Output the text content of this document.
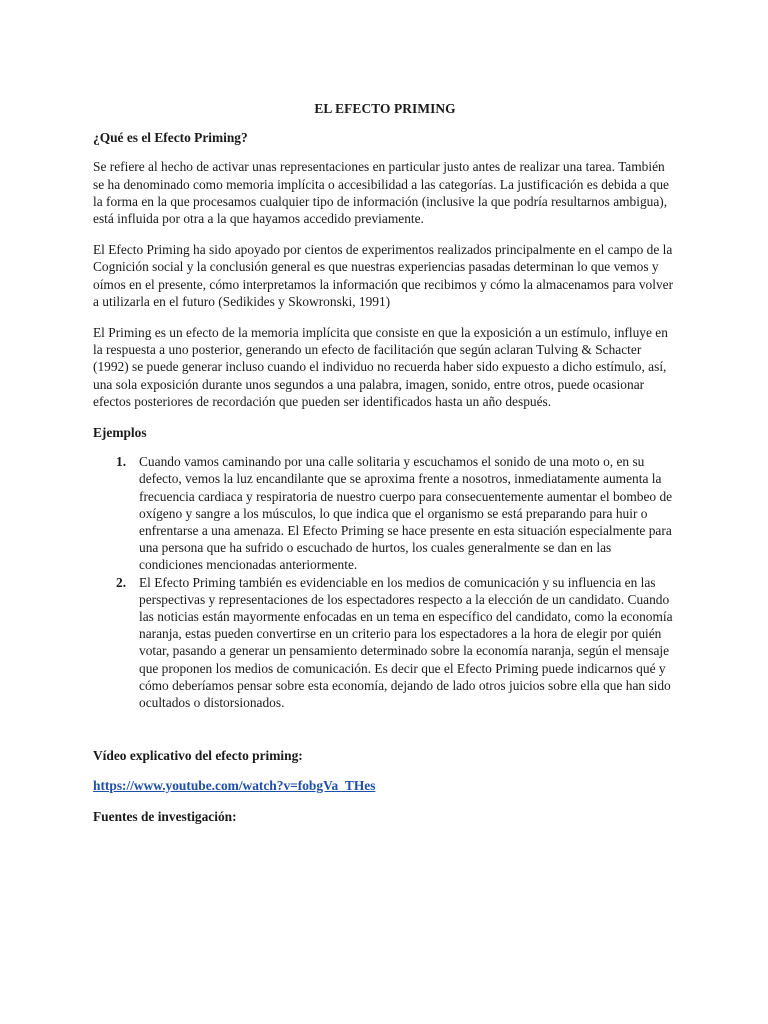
EL EFECTO PRIMING
¿Qué es el Efecto Priming?

Se refiere al hecho de activar unas representaciones en particular justo antes de realizar una tarea. También se ha denominado como memoria implícita o accesibilidad a las categorías. La justificación es debida a que la forma en la que procesamos cualquier tipo de información (inclusive la que podría resultarnos ambigua), está influida por otra a la que hayamos accedido previamente.

El Efecto Priming ha sido apoyado por cientos de experimentos realizados principalmente en el campo de la Cognición social y la conclusión general es que nuestras experiencias pasadas determinan lo que vemos y oímos en el presente, cómo interpretamos la información que recibimos y cómo la almacenamos para volver a utilizarla en el futuro (Sedikides y Skowronski, 1991)

El Priming es un efecto de la memoria implícita que consiste en que la exposición a un estímulo, influye en la respuesta a uno posterior, generando un efecto de facilitación que según aclaran Tulving & Schacter (1992) se puede generar incluso cuando el individuo no recuerda haber sido expuesto a dicho estímulo, así, una sola exposición durante unos segundos a una palabra, imagen, sonido, entre otros, puede ocasionar efectos posteriores de recordación que pueden ser identificados hasta un año después.

Ejemplos
1. Cuando vamos caminando por una calle solitaria y escuchamos el sonido de una moto o, en su defecto, vemos la luz encandilante que se aproxima frente a nosotros, inmediatamente aumenta la frecuencia cardiaca y respiratoria de nuestro cuerpo para consecuentemente aumentar el bombeo de oxígeno y sangre a los músculos, lo que indica que el organismo se está preparando para huir o enfrentarse a una amenaza. El Efecto Priming se hace presente en esta situación especialmente para una persona que ha sufrido o escuchado de hurtos, los cuales generalmente se dan en las condiciones mencionadas anteriormente.
2. El Efecto Priming también es evidenciable en los medios de comunicación y su influencia en las perspectivas y representaciones de los espectadores respecto a la elección de un candidato. Cuando las noticias están mayormente enfocadas en un tema en específico del candidato, como la economía naranja, estas pueden convertirse en un criterio para los espectadores a la hora de elegir por quién votar, pasando a generar un pensamiento determinado sobre la economía naranja, según el mensaje que proponen los medios de comunicación. Es decir que el Efecto Priming puede indicarnos qué y cómo deberíamos pensar sobre esta economía, dejando de lado otros juicios sobre ella que han sido ocultados o distorsionados.
Vídeo explicativo del efecto priming:
https://www.youtube.com/watch?v=fobgVa_THes
Fuentes de investigación:
